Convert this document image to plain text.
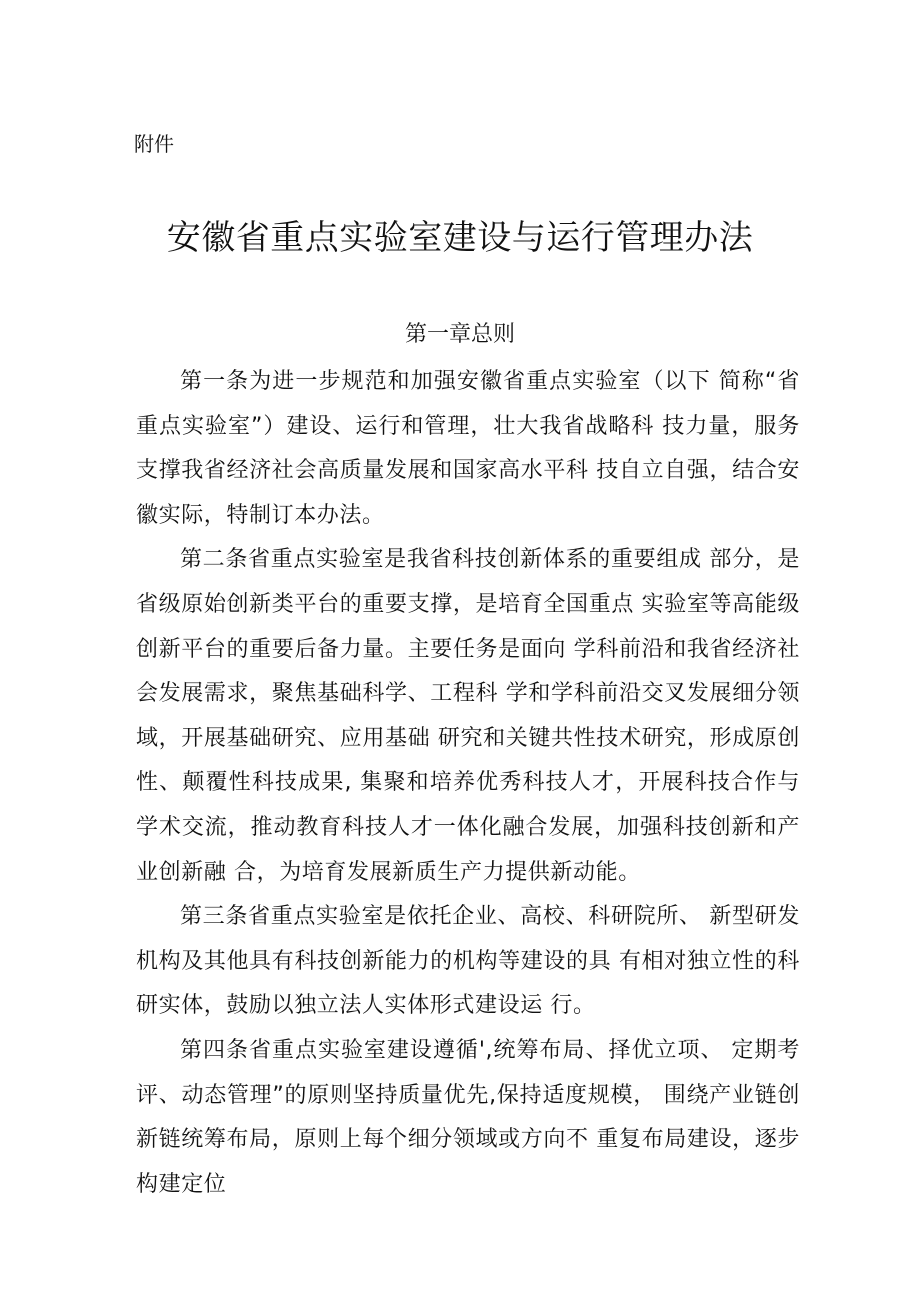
附件
安徽省重点实验室建设与运行管理办法
第一章总则

第一条为进一步规范和加强安徽省重点实验室（以下 简称“省重点实验室”）建设、运行和管理，壮大我省战略科 技力量，服务支撑我省经济社会高质量发展和国家高水平科 技自立自强，结合安徽实际，特制订本办法。

第二条省重点实验室是我省科技创新体系的重要组成 部分，是省级原始创新类平台的重要支撑，是培育全国重点 实验室等高能级创新平台的重要后备力量。主要任务是面向 学科前沿和我省经济社会发展需求，聚焦基础科学、工程科 学和学科前沿交叉发展细分领域，开展基础研究、应用基础 研究和关键共性技术研究，形成原创性、颠覆性科技成果, 集聚和培养优秀科技人才，开展科技合作与学术交流，推动教育科技人才一体化融合发展，加强科技创新和产业创新融 合，为培育发展新质生产力提供新动能。

第三条省重点实验室是依托企业、高校、科研院所、 新型研发机构及其他具有科技创新能力的机构等建设的具 有相对独立性的科研实体，鼓励以独立法人实体形式建设运 行。

第四条省重点实验室建设遵循',统筹布局、择优立项、 定期考评、动态管理”的原则坚持质量优先,保持适度规模， 围绕产业链创新链统筹布局，原则上每个细分领域或方向不 重复布局建设，逐步构建定位
